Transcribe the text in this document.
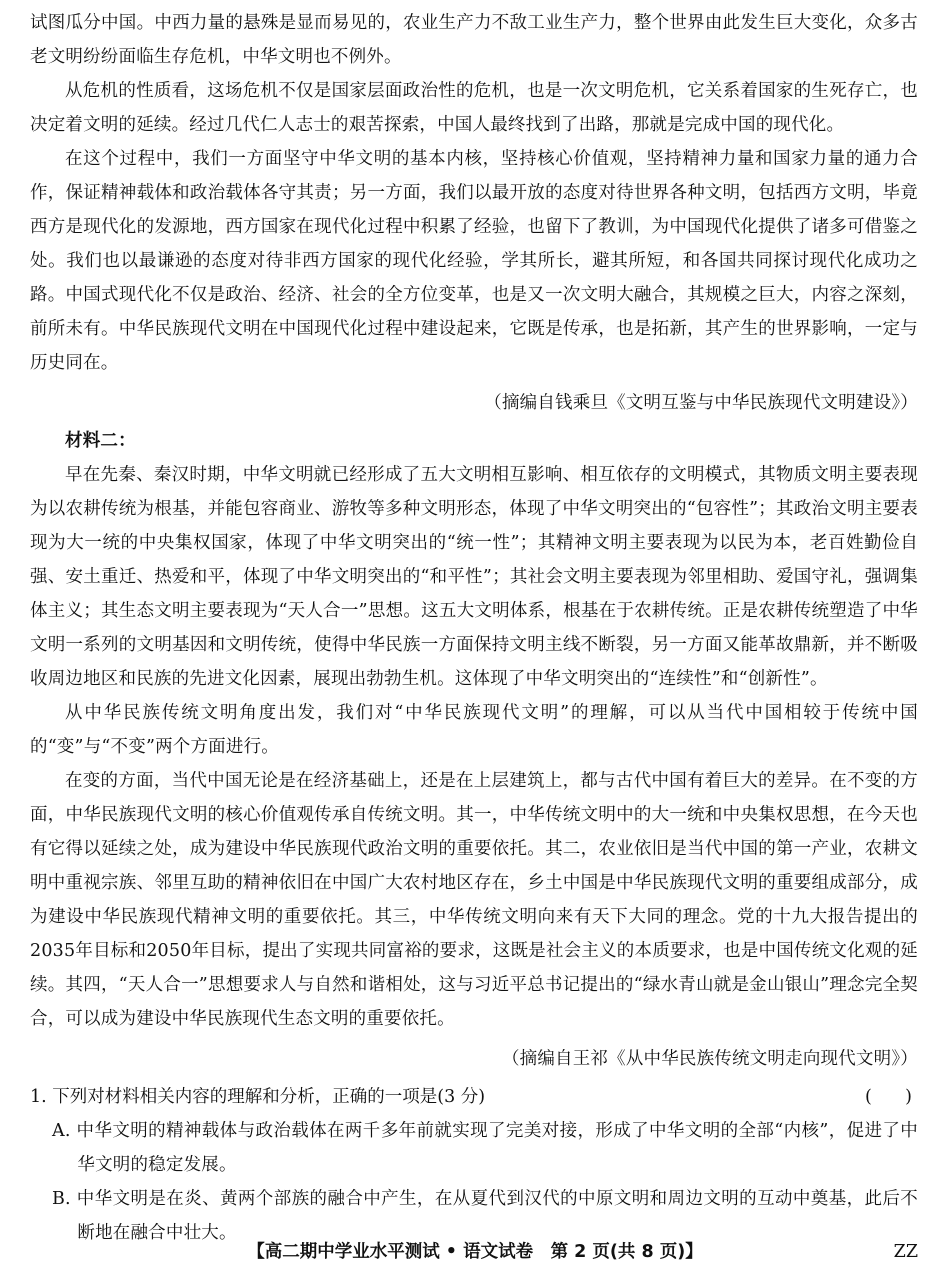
试图瓜分中国。中西力量的悬殊是显而易见的，农业生产力不敌工业生产力，整个世界由此发生巨大变化，众多古老文明纷纷面临生存危机，中华文明也不例外。

从危机的性质看，这场危机不仅是国家层面政治性的危机，也是一次文明危机，它关系着国家的生死存亡，也决定着文明的延续。经过几代仁人志士的艰苦探索，中国人最终找到了出路，那就是完成中国的现代化。

在这个过程中，我们一方面坚守中华文明的基本内核，坚持核心价值观，坚持精神力量和国家力量的通力合作，保证精神载体和政治载体各守其责；另一方面，我们以最开放的态度对待世界各种文明，包括西方文明，毕竟西方是现代化的发源地，西方国家在现代化过程中积累了经验，也留下了教训，为中国现代化提供了诸多可借鉴之处。我们也以最谦逊的态度对待非西方国家的现代化经验，学其所长，避其所短，和各国共同探讨现代化成功之路。中国式现代化不仅是政治、经济、社会的全方位变革，也是又一次文明大融合，其规模之巨大，内容之深刻，前所未有。中华民族现代文明在中国现代化过程中建设起来，它既是传承，也是拓新，其产生的世界影响，一定与历史同在。

（摘编自钱乘旦《文明互鉴与中华民族现代文明建设》）

材料二：

早在先秦、秦汉时期，中华文明就已经形成了五大文明相互影响、相互依存的文明模式，其物质文明主要表现为以农耕传统为根基，并能包容商业、游牧等多种文明形态，体现了中华文明突出的“包容性”；其政治文明主要表现为大一统的中央集权国家，体现了中华文明突出的“统一性”；其精神文明主要表现为以民为本，老百姓勤俭自强、安土重迁、热爱和平，体现了中华文明突出的“和平性”；其社会文明主要表现为邻里相助、爱国守礼，强调集体主义；其生态文明主要表现为“天人合一”思想。这五大文明体系，根基在于农耕传统。正是农耕传统塑造了中华文明一系列的文明基因和文明传统，使得中华民族一方面保持文明主线不断裂，另一方面又能革故鼎新，并不断吸收周边地区和民族的先进文化因素，展现出勃勃生机。这体现了中华文明突出的“连续性”和“创新性”。

从中华民族传统文明角度出发，我们对“中华民族现代文明”的理解，可以从当代中国相较于传统中国的“变”与“不变”两个方面进行。

在变的方面，当代中国无论是在经济基础上，还是在上层建筑上，都与古代中国有着巨大的差异。在不变的方面，中华民族现代文明的核心价值观传承自传统文明。其一，中华传统文明中的大一统和中央集权思想，在今天也有它得以延续之处，成为建设中华民族现代政治文明的重要依托。其二，农业依旧是当代中国的第一产业，农耕文明中重视宗族、邻里互助的精神依旧在中国广大农村地区存在，乡土中国是中华民族现代文明的重要组成部分，成为建设中华民族现代精神文明的重要依托。其三，中华传统文明向来有天下大同的理念。党的十九大报告提出的2035年目标和2050年目标，提出了实现共同富裕的要求，这既是社会主义的本质要求，也是中国传统文化观的延续。其四，“天人合一”思想要求人与自然和谐相处，这与习近平总书记提出的“绿水青山就是金山银山”理念完全契合，可以成为建设中华民族现代生态文明的重要依托。

（摘编自王祁《从中华民族传统文明走向现代文明》）

1. 下列对材料相关内容的理解和分析，正确的一项是(3 分)	(      )

A. 中华文明的精神载体与政治载体在两千多年前就实现了完美对接，形成了中华文明的全部“内核”，促进了中华文明的稳定发展。

B. 中华文明是在炎、黄两个部族的融合中产生，在从夏代到汉代的中原文明和周边文明的互动中奠基，此后不断地在融合中壮大。

【高二期中学业水平测试 • 语文试卷　第 2 页(共 8 页)】	ZZ
